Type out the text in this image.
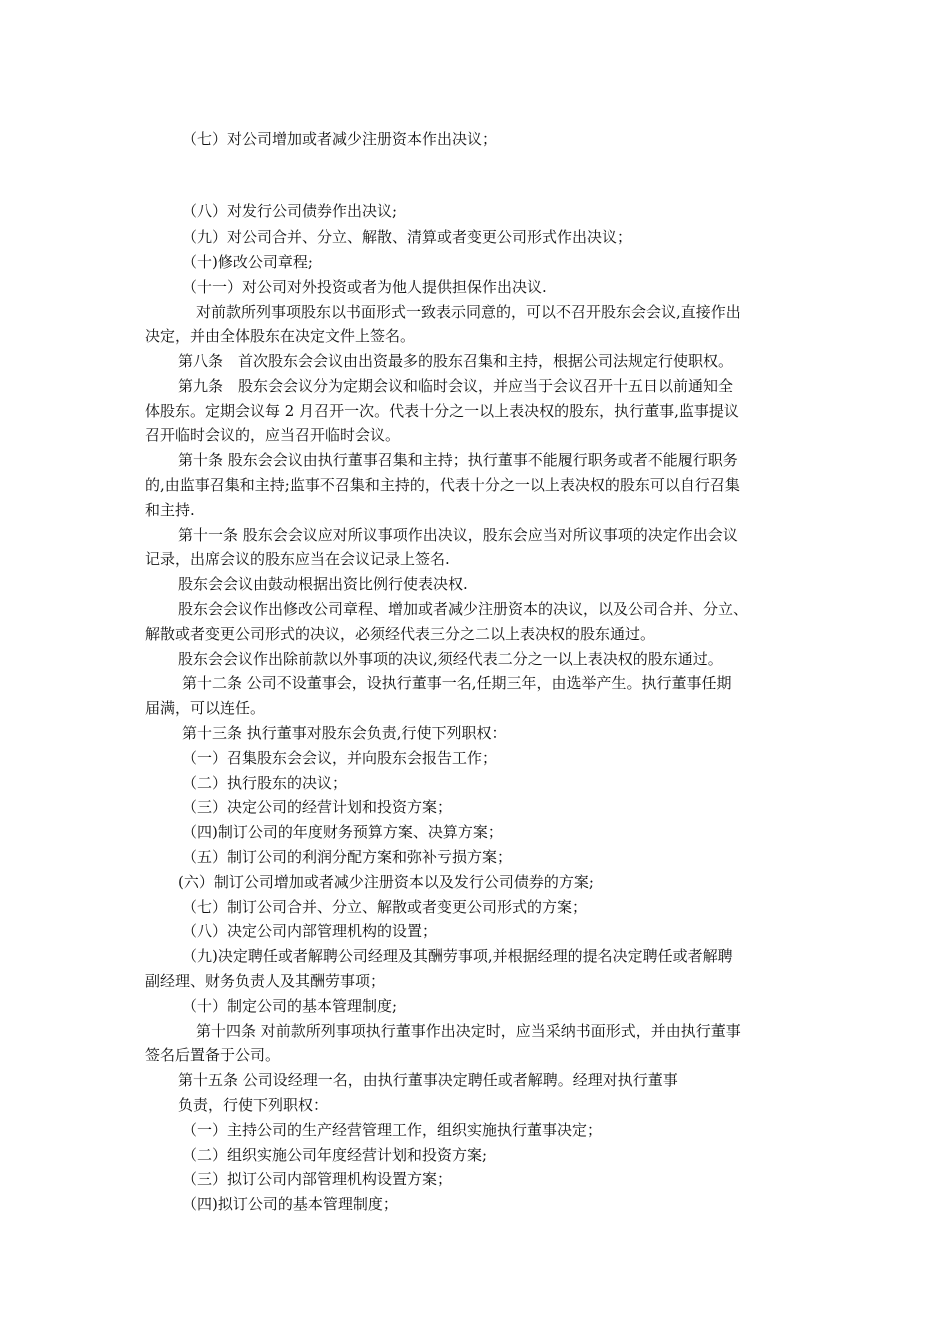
（七）对公司增加或者减少注册资本作出决议；
（八）对发行公司债券作出决议;
（九）对公司合并、分立、解散、清算或者变更公司形式作出决议；
（十)修改公司章程;
（十一）对公司对外投资或者为他人提供担保作出决议.
对前款所列事项股东以书面形式一致表示同意的，可以不召开股东会会议,直接作出
决定，并由全体股东在决定文件上签名。
第八条　首次股东会会议由出资最多的股东召集和主持，根据公司法规定行使职权。
第九条　股东会会议分为定期会议和临时会议，并应当于会议召开十五日以前通知全
体股东。定期会议每 2 月召开一次。代表十分之一以上表决权的股东，执行董事,监事提议
召开临时会议的，应当召开临时会议。
第十条 股东会会议由执行董事召集和主持；执行董事不能履行职务或者不能履行职务
的,由监事召集和主持;监事不召集和主持的，代表十分之一以上表决权的股东可以自行召集
和主持.
第十一条 股东会会议应对所议事项作出决议，股东会应当对所议事项的决定作出会议
记录，出席会议的股东应当在会议记录上签名.
股东会会议由鼓动根据出资比例行使表决权.
股东会会议作出修改公司章程、增加或者减少注册资本的决议，以及公司合并、分立、
解散或者变更公司形式的决议，必须经代表三分之二以上表决权的股东通过。
股东会会议作出除前款以外事项的决议,须经代表二分之一以上表决权的股东通过。
第十二条 公司不设董事会，设执行董事一名,任期三年，由选举产生。执行董事任期
届满，可以连任。
第十三条 执行董事对股东会负责,行使下列职权：
（一）召集股东会会议，并向股东会报告工作；
（二）执行股东的决议；
（三）决定公司的经营计划和投资方案；
（四)制订公司的年度财务预算方案、决算方案；
（五）制订公司的利润分配方案和弥补亏损方案；
(六）制订公司增加或者减少注册资本以及发行公司债券的方案;
（七）制订公司合并、分立、解散或者变更公司形式的方案；
（八）决定公司内部管理机构的设置；
（九)决定聘任或者解聘公司经理及其酬劳事项,并根据经理的提名决定聘任或者解聘
副经理、财务负责人及其酬劳事项；
（十）制定公司的基本管理制度;
第十四条 对前款所列事项执行董事作出决定时，应当采纳书面形式，并由执行董事
签名后置备于公司。
第十五条 公司设经理一名，由执行董事决定聘任或者解聘。经理对执行董事
负责，行使下列职权：
（一）主持公司的生产经营管理工作，组织实施执行董事决定；
（二）组织实施公司年度经营计划和投资方案;
（三）拟订公司内部管理机构设置方案；
（四)拟订公司的基本管理制度；
